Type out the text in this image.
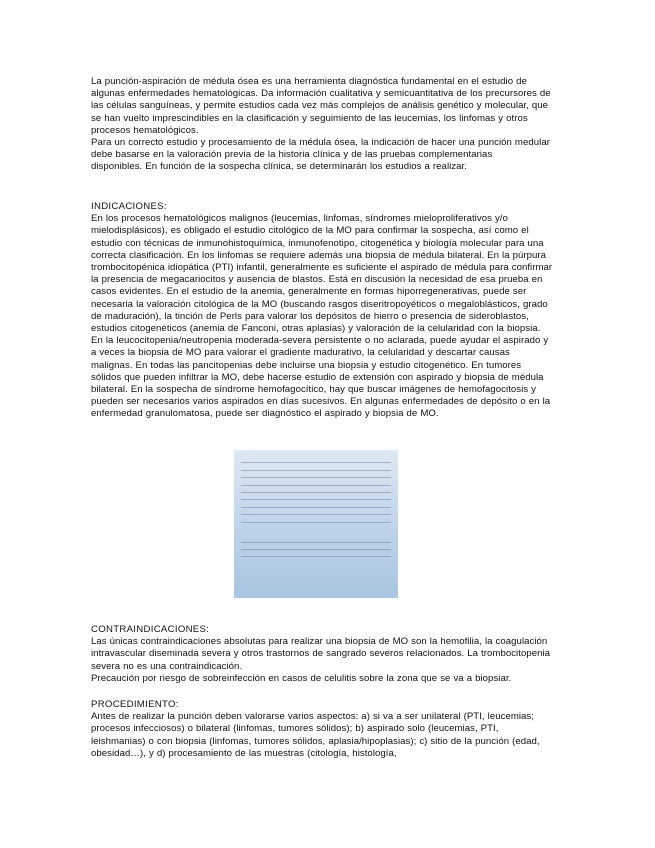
La punción-aspiración de médula ósea es una herramienta diagnóstica fundamental en el estudio de algunas enfermedades hematológicas. Da información cualitativa y semicuantitativa de los precursores de las células sanguíneas, y permite estudios cada vez más complejos de análisis genético y molecular, que se han vuelto imprescindibles en la clasificación y seguimiento de las leucemias, los linfomas y otros procesos hematológicos.

Para un correcto estudio y procesamiento de la médula ósea, la indicación de hacer una punción medular debe basarse en la valoración previa de la historia clínica y de las pruebas complementarias

disponibles. En función de la sospecha clínica, se determinarán los estudios a realizar.

INDICACIONES:

En los procesos hematológicos malignos (leucemias, linfomas, síndromes mieloproliferativos y/o mielodisplásicos), es obligado el estudio citológico de la MO para confirmar la sospecha, así como el estudio con técnicas de inmunohistoquímica, inmunofenotipo, citogenética y biología molecular para una correcta clasificación. En los linfomas se requiere además una biopsia de médula bilateral. En la púrpura trombocitopénica idiopática (PTI) infantil, generalmente es suficiente el aspirado de médula para confirmar la presencia de megacariocitos y ausencia de blastos. Está en discusión la necesidad de esa prueba en casos evidentes. En el estudio de la anemia, generalmente en formas hiporregenerativas, puede ser necesaria la valoración citológica de la MO (buscando rasgos diseritropoyéticos o megaloblásticos, grado de maduración), la tinción de Perls para valorar los depósitos de hierro o presencia de sideroblastos, estudios citogenéticos (anemia de Fanconi, otras aplasias) y valoración de la celularidad con la biopsia. En la leucocitopenia/neutropenia moderada-severa persistente o no aclarada, puede ayudar el aspirado y a veces la biopsia de MO para valorar el gradiente madurativo, la celularidad y descartar causas malignas. En todas las pancitopenias debe incluirse una biopsia y estudio citogenético. En tumores sólidos que pueden infiltrar la MO, debe hacerse estudio de extensión con aspirado y biopsia de médula bilateral. En la sospecha de síndrome hemofagocítico, hay que buscar imágenes de hemofagocitosis y pueden ser necesarios varios aspirados en días sucesivos. En algunas enfermedades de depósito o en la enfermedad granulomatosa, puede ser diagnóstico el aspirado y biopsia de MO.

CONTRAINDICACIONES:

Las únicas contraindicaciones absolutas para realizar una biopsia de MO son la hemofilia, la coagulación intravascular diseminada severa y otros trastornos de sangrado severos relacionados. La trombocitopenia severa no es una contraindicación.

Precaución por riesgo de sobreinfección en casos de celulitis sobre la zona que se va a biopsiar.

PROCEDIMIENTO:

Antes de realizar la punción deben valorarse varios aspectos: a) si va a ser unilateral (PTI, leucemias; procesos infecciosos) o bilateral (linfomas, tumores sólidos); b) aspirado solo (leucemias, PTI, leishmanias) o con biopsia (linfomas, tumores sólidos, aplasia/hipoplasias); c) sitio de la punción (edad, obesidad…), y d) procesamiento de las muestras (citología, histología,
